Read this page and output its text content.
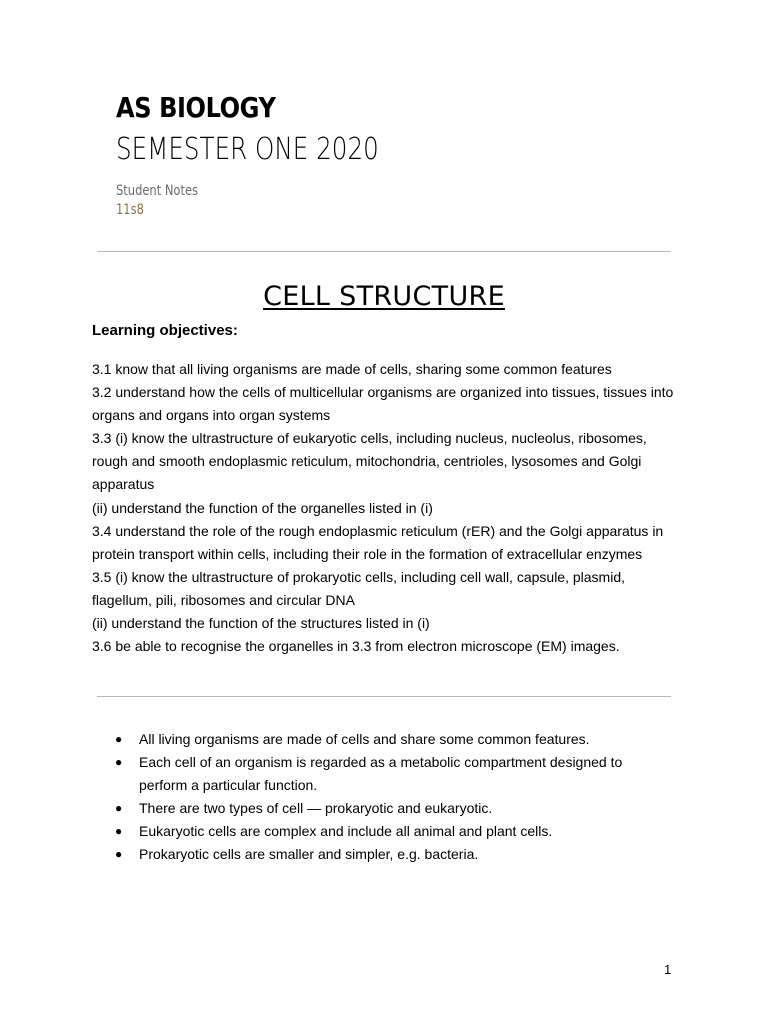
AS BIOLOGY
SEMESTER ONE 2020
Student Notes
11s8
CELL STRUCTURE
Learning objectives:
3.1 know that all living organisms are made of cells, sharing some common features
3.2 understand how the cells of multicellular organisms are organized into tissues, tissues into organs and organs into organ systems
3.3 (i) know the ultrastructure of eukaryotic cells, including nucleus, nucleolus, ribosomes, rough and smooth endoplasmic reticulum, mitochondria, centrioles, lysosomes and Golgi apparatus
(ii) understand the function of the organelles listed in (i)
3.4 understand the role of the rough endoplasmic reticulum (rER) and the Golgi apparatus in protein transport within cells, including their role in the formation of extracellular enzymes
3.5 (i) know the ultrastructure of prokaryotic cells, including cell wall, capsule, plasmid, flagellum, pili, ribosomes and circular DNA
(ii) understand the function of the structures listed in (i)
3.6 be able to recognise the organelles in 3.3 from electron microscope (EM) images.
● All living organisms are made of cells and share some common features.
● Each cell of an organism is regarded as a metabolic compartment designed to perform a particular function.
● There are two types of cell — prokaryotic and eukaryotic.
● Eukaryotic cells are complex and include all animal and plant cells.
● Prokaryotic cells are smaller and simpler, e.g. bacteria.
1
